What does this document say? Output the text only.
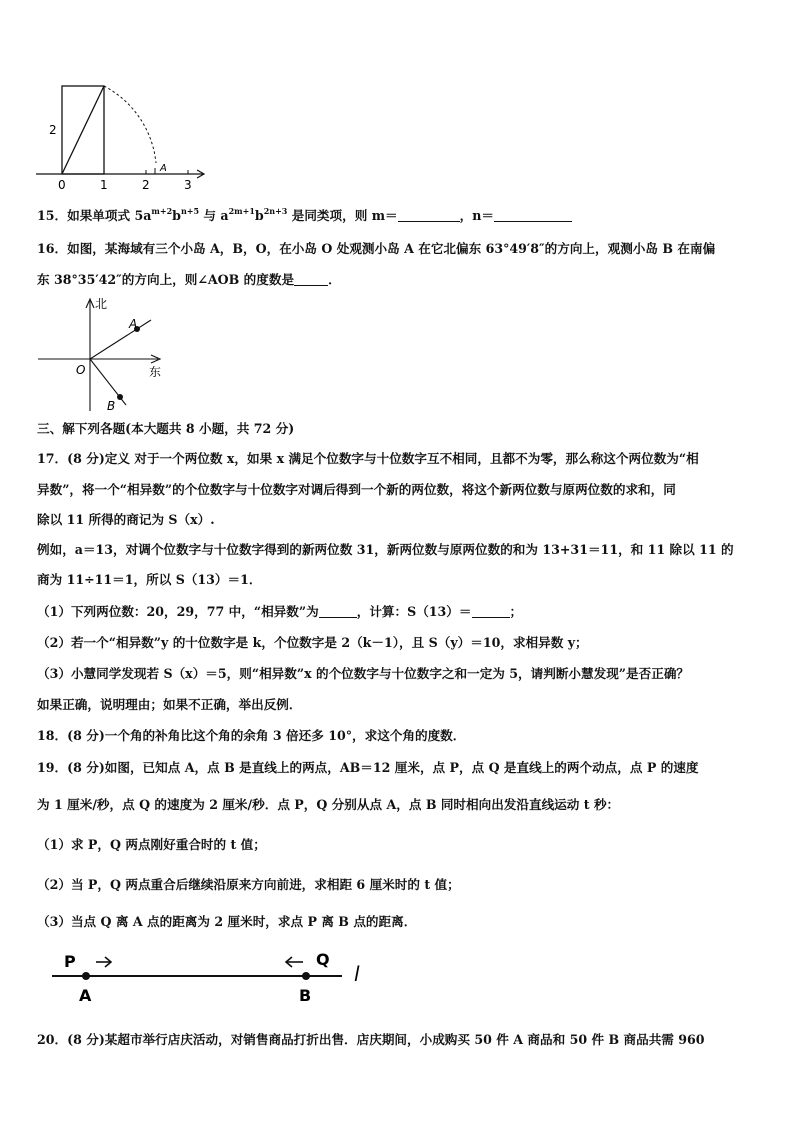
2
A
0	1	2	3
15．如果单项式 $5a^{m+2}b^{n+5}$ 与 $a^{2m+1}b^{2n+3}$ 是同类项，则 m＝	，n＝
16．如图，某海域有三个小岛 A，B，O，在小岛 O 处观测小岛 A 在它北偏东 63°49′8″的方向上，观测小岛 B 在南偏
东 38°35′42″的方向上，则∠AOB 的度数是	．
北
东
O
A
B
三、解下列各题(本大题共 8 小题，共 72 分)
17．(8 分)定义 对于一个两位数 x，如果 x 满足个位数字与十位数字互不相同，且都不为零，那么称这个两位数为“相
异数”，将一个“相异数”的个位数字与十位数字对调后得到一个新的两位数，将这个新两位数与原两位数的求和，同
除以 11 所得的商记为 S（x）.
例如，a＝13，对调个位数字与十位数字得到的新两位数 31，新两位数与原两位数的和为 13+31＝11，和 11 除以 11 的
商为 11÷11＝1，所以 S（13）＝1．
（1）下列两位数：20，29，77 中，“相异数”为	，计算：S（13）＝	；
（2）若一个“相异数”y 的十位数字是 k，个位数字是 2（k－1），且 S（y）＝10，求相异数 y；
（3）小慧同学发现若 S（x）＝5，则“相异数”x 的个位数字与十位数字之和一定为 5，请判断小慧发现”是否正确？
如果正确，说明理由；如果不正确，举出反例．
18．(8 分)一个角的补角比这个角的余角 3 倍还多 10°，求这个角的度数．
19．(8 分)如图，已知点 A，点 B 是直线上的两点，AB＝12 厘米，点 P，点 Q 是直线上的两个动点，点 P 的速度
为 1 厘米/秒，点 Q 的速度为 2 厘米/秒．点 P，Q 分别从点 A，点 B 同时相向出发沿直线运动 t 秒：
（1）求 P，Q 两点刚好重合时的 t 值；
（2）当 P，Q 两点重合后继续沿原来方向前进，求相距 6 厘米时的 t 值；
（3）当点 Q 离 A 点的距离为 2 厘米时，求点 P 离 B 点的距离．
P	Q
A	B
l
20．(8 分)某超市举行店庆活动，对销售商品打折出售．店庆期间，小成购买 50 件 A 商品和 50 件 B 商品共需 960
